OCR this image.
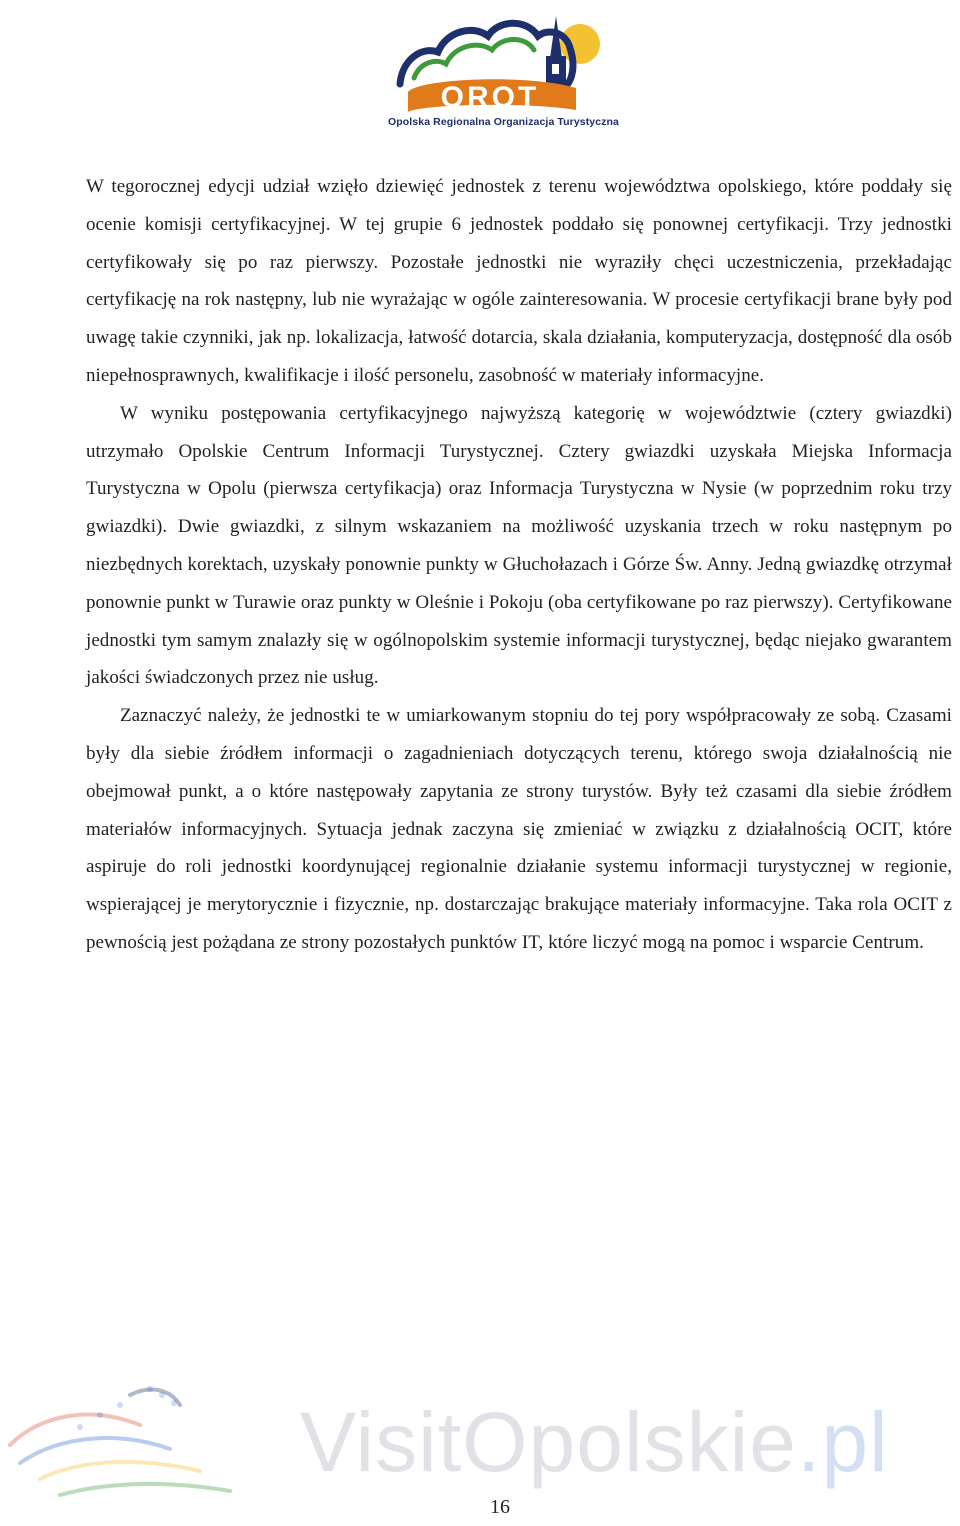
OROT
Opolska Regionalna Organizacja Turystyczna

W tegorocznej edycji udział wzięło dziewięć jednostek z terenu województwa opolskiego, które poddały się ocenie komisji certyfikacyjnej. W tej grupie 6 jednostek poddało się ponownej certyfikacji. Trzy jednostki certyfikowały się po raz pierwszy. Pozostałe jednostki nie wyraziły chęci uczestniczenia, przekładając certyfikację na rok następny, lub nie wyrażając w ogóle zainteresowania. W procesie certyfikacji brane były pod uwagę takie czynniki, jak np. lokalizacja, łatwość dotarcia, skala działania, komputeryzacja, dostępność dla osób niepełnosprawnych, kwalifikacje i ilość personelu, zasobność w materiały informacyjne.

W wyniku postępowania certyfikacyjnego najwyższą kategorię w województwie (cztery gwiazdki) utrzymało Opolskie Centrum Informacji Turystycznej. Cztery gwiazdki uzyskała Miejska Informacja Turystyczna w Opolu (pierwsza certyfikacja) oraz Informacja Turystyczna w Nysie (w poprzednim roku trzy gwiazdki). Dwie gwiazdki, z silnym wskazaniem na możliwość uzyskania trzech w roku następnym po niezbędnych korektach, uzyskały ponownie punkty w Głuchołazach i Górze Św. Anny. Jedną gwiazdkę otrzymał ponownie punkt w Turawie oraz punkty w Oleśnie i Pokoju (oba certyfikowane po raz pierwszy). Certyfikowane jednostki tym samym znalazły się w ogólnopolskim systemie informacji turystycznej, będąc niejako gwarantem jakości świadczonych przez nie usług.

Zaznaczyć należy, że jednostki te w umiarkowanym stopniu do tej pory współpracowały ze sobą. Czasami były dla siebie źródłem informacji o zagadnieniach dotyczących terenu, którego swoja działalnością nie obejmował punkt, a o które następowały zapytania ze strony turystów. Były też czasami dla siebie źródłem materiałów informacyjnych. Sytuacja jednak zaczyna się zmieniać w związku z działalnością OCIT, które aspiruje do roli jednostki koordynującej regionalnie działanie systemu informacji turystycznej w regionie, wspierającej je merytorycznie i fizycznie, np. dostarczając brakujące materiały informacyjne. Taka rola OCIT z pewnością jest pożądana ze strony pozostałych punktów IT, które liczyć mogą na pomoc i wsparcie Centrum.

VisitOpolskie.pl
16
